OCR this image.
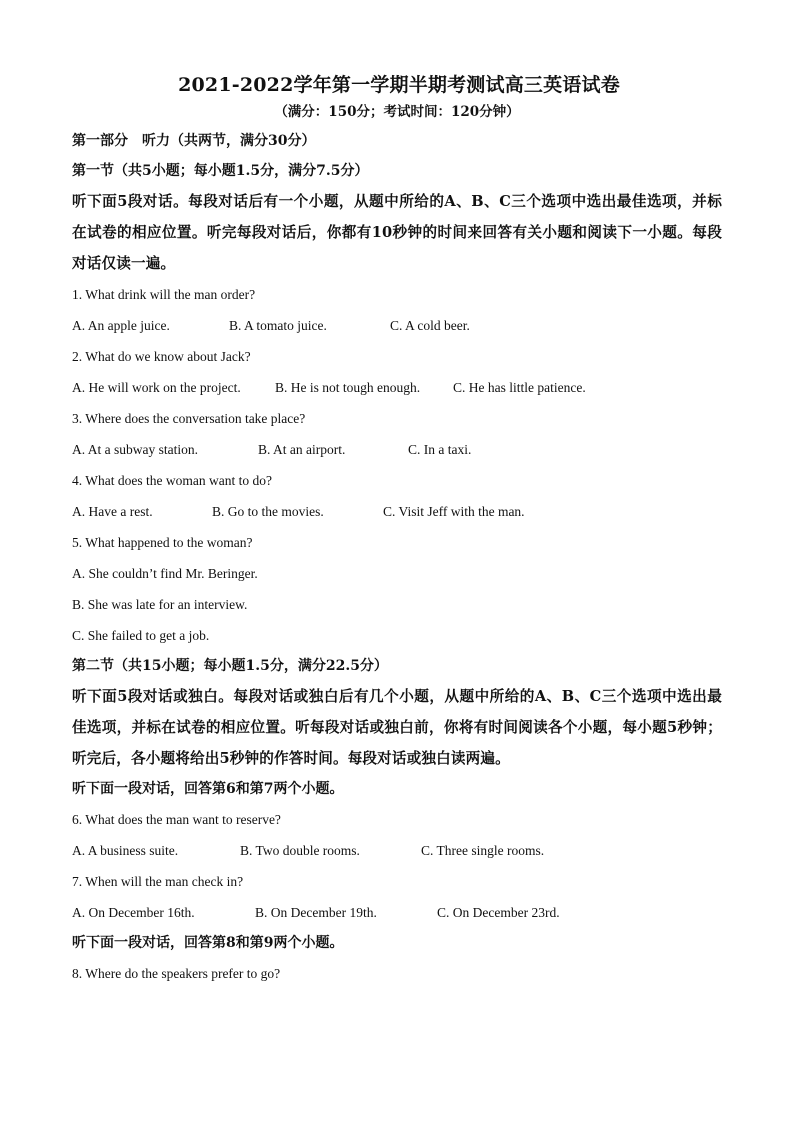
2021-2022学年第一学期半期考测试高三英语试卷
（满分：150分；考试时间：120分钟）
第一部分 听力（共两节，满分30分）
第一节（共5小题；每小题1.5分，满分7.5分）
听下面5段对话。每段对话后有一个小题，从题中所给的A、B、C三个选项中选出最佳选项，并标在试卷的相应位置。听完每段对话后，你都有10秒钟的时间来回答有关小题和阅读下一小题。每段对话仅读一遍。
1. What drink will the man order?
A. An apple juice.	B. A tomato juice.	C. A cold beer.
2. What do we know about Jack?
A. He will work on the project.	B. He is not tough enough. C. He has little patience.
3. Where does the conversation take place?
A. At a subway station.	B. At an airport.	C. In a taxi.
4. What does the woman want to do?
A. Have a rest.	B. Go to the movies.	C. Visit Jeff with the man.
5. What happened to the woman?
A. She couldn’t find Mr. Beringer.
B. She was late for an interview.
C. She failed to get a job.
第二节（共15小题；每小题1.5分，满分22.5分）
听下面5段对话或独白。每段对话或独白后有几个小题，从题中所给的A、B、C三个选项中选出最佳选项，并标在试卷的相应位置。听每段对话或独白前，你将有时间阅读各个小题，每小题5秒钟；听完后，各小题将给出5秒钟的作答时间。每段对话或独白读两遍。
听下面一段对话，回答第6和第7两个小题。
6. What does the man want to reserve?
A. A business suite.	B. Two double rooms.	C. Three single rooms.
7. When will the man check in?
A. On December 16th.	B. On December 19th.	C. On December 23rd.
听下面一段对话，回答第8和第9两个小题。
8. Where do the speakers prefer to go?
